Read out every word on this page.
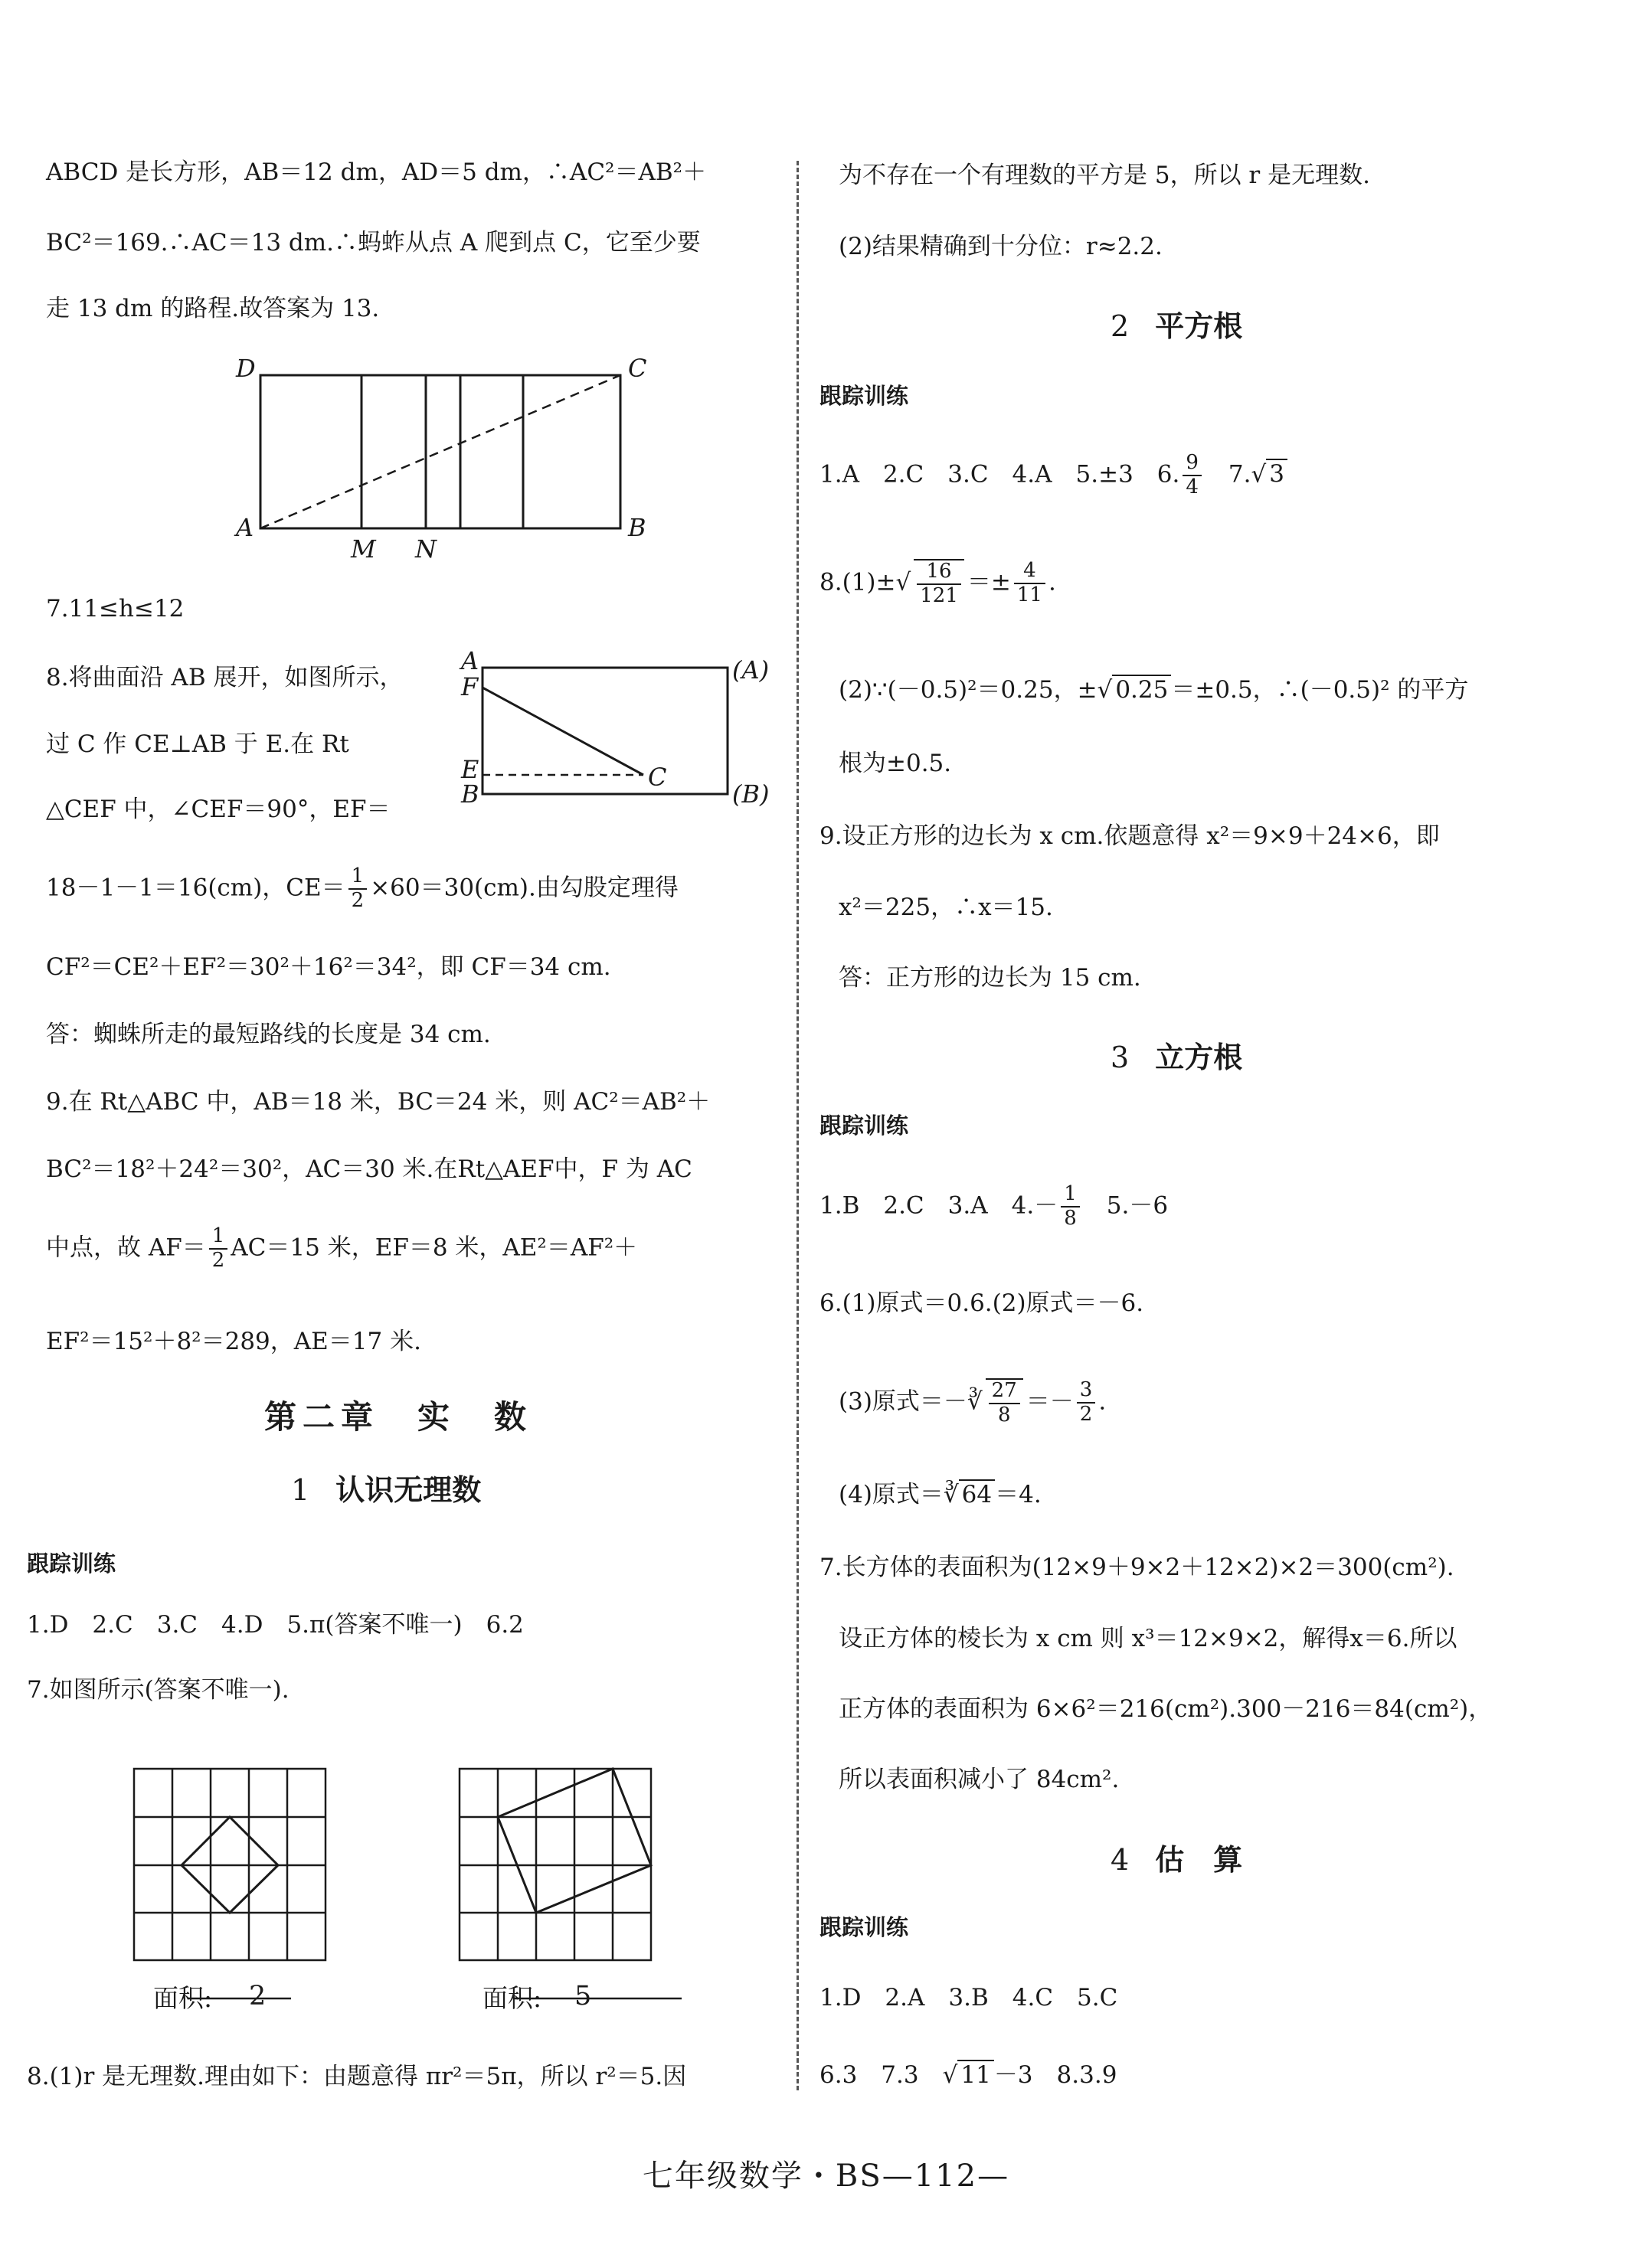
ABCD 是长方形，AB＝12 dm，AD＝5 dm，∴AC²＝AB²＋
BC²＝169.∴AC＝13 dm.∴蚂蚱从点 A 爬到点 C，它至少要
走 13 dm 的路程.故答案为 13.
D	C
A
M N
B
7.11≤h≤12
8.将曲面沿 AB 展开，如图所示，
过 C 作 CE⊥AB 于 E.在 Rt
△CEF 中，∠CEF＝90°，EF＝
A
F
E
B
C
(A)
(B)
18－1－1＝16(cm)，$CE= \frac{1}{2} \times 60=30(cm)$.由勾股定理得
CF²＝CE²＋EF²＝30²＋16²＝34²，即 CF＝34 cm.
答：蜘蛛所走的最短路线的长度是 34 cm.
9.在 Rt△ABC 中，AB＝18 米，BC＝24 米，则 AC²＝AB²＋
BC²＝18²＋24²＝30²，AC＝30 米.在Rt△AEF中，F 为 AC
中点，故 $AF= \frac{1}{2} AC=15$ 米，EF＝8 米，AE²＝AF²＋
EF²＝15²＋8²＝289，AE＝17 米.
第二章　实　数
1 认识无理数
跟踪训练
1.D　2.C　3.C　4.D　5.π(答案不唯一)　6.2
7.如图所示(答案不唯一).
面积: 2	面积: 5
8.(1)r 是无理数.理由如下：由题意得 πr²＝5π，所以 r²＝5.因
为不存在一个有理数的平方是 5，所以 r 是无理数.
(2)结果精确到十分位：r≈2.2.
2 平方根
跟踪训练
1.A　2.C　3.C　4.A　5.±3　6. $\frac{9}{4}$ 　7.√ 3
$8.(1)\pm√ \frac{16}{121} =\pm \frac{4}{11}$ .
(2)∵(－0.5)²＝0.25，±√ 0.25 ＝±0.5，∴(－0.5)² 的平方
根为±0.5.
9.设正方形的边长为 x cm.依题意得 x²＝9×9＋24×6，即
x²＝225，∴x＝15.
答：正方形的边长为 15 cm.
3 立方根
跟踪训练
1.B　2.C　3.A　$4.- \frac{1}{8}$ 　5.－6
6.(1)原式＝0.6.(2)原式＝－6.
(3)原式＝－∛ $\frac{27}{8} =- \frac{3}{2}$ .
(4)原式＝∛ 64 ＝4.
7.长方体的表面积为(12×9＋9×2＋12×2)×2＝300(cm²).
设正方体的棱长为 x cm 则 x³＝12×9×2，解得x＝6.所以
正方体的表面积为 6×6²＝216(cm²).300－216＝84(cm²)，
所以表面积减小了 84cm².
4 估　算
跟踪训练
1.D　2.A　3.B　4.C　5.C
6.3　7.3　√ 11 －3　8.3.9
七年级数学・BS—112—
